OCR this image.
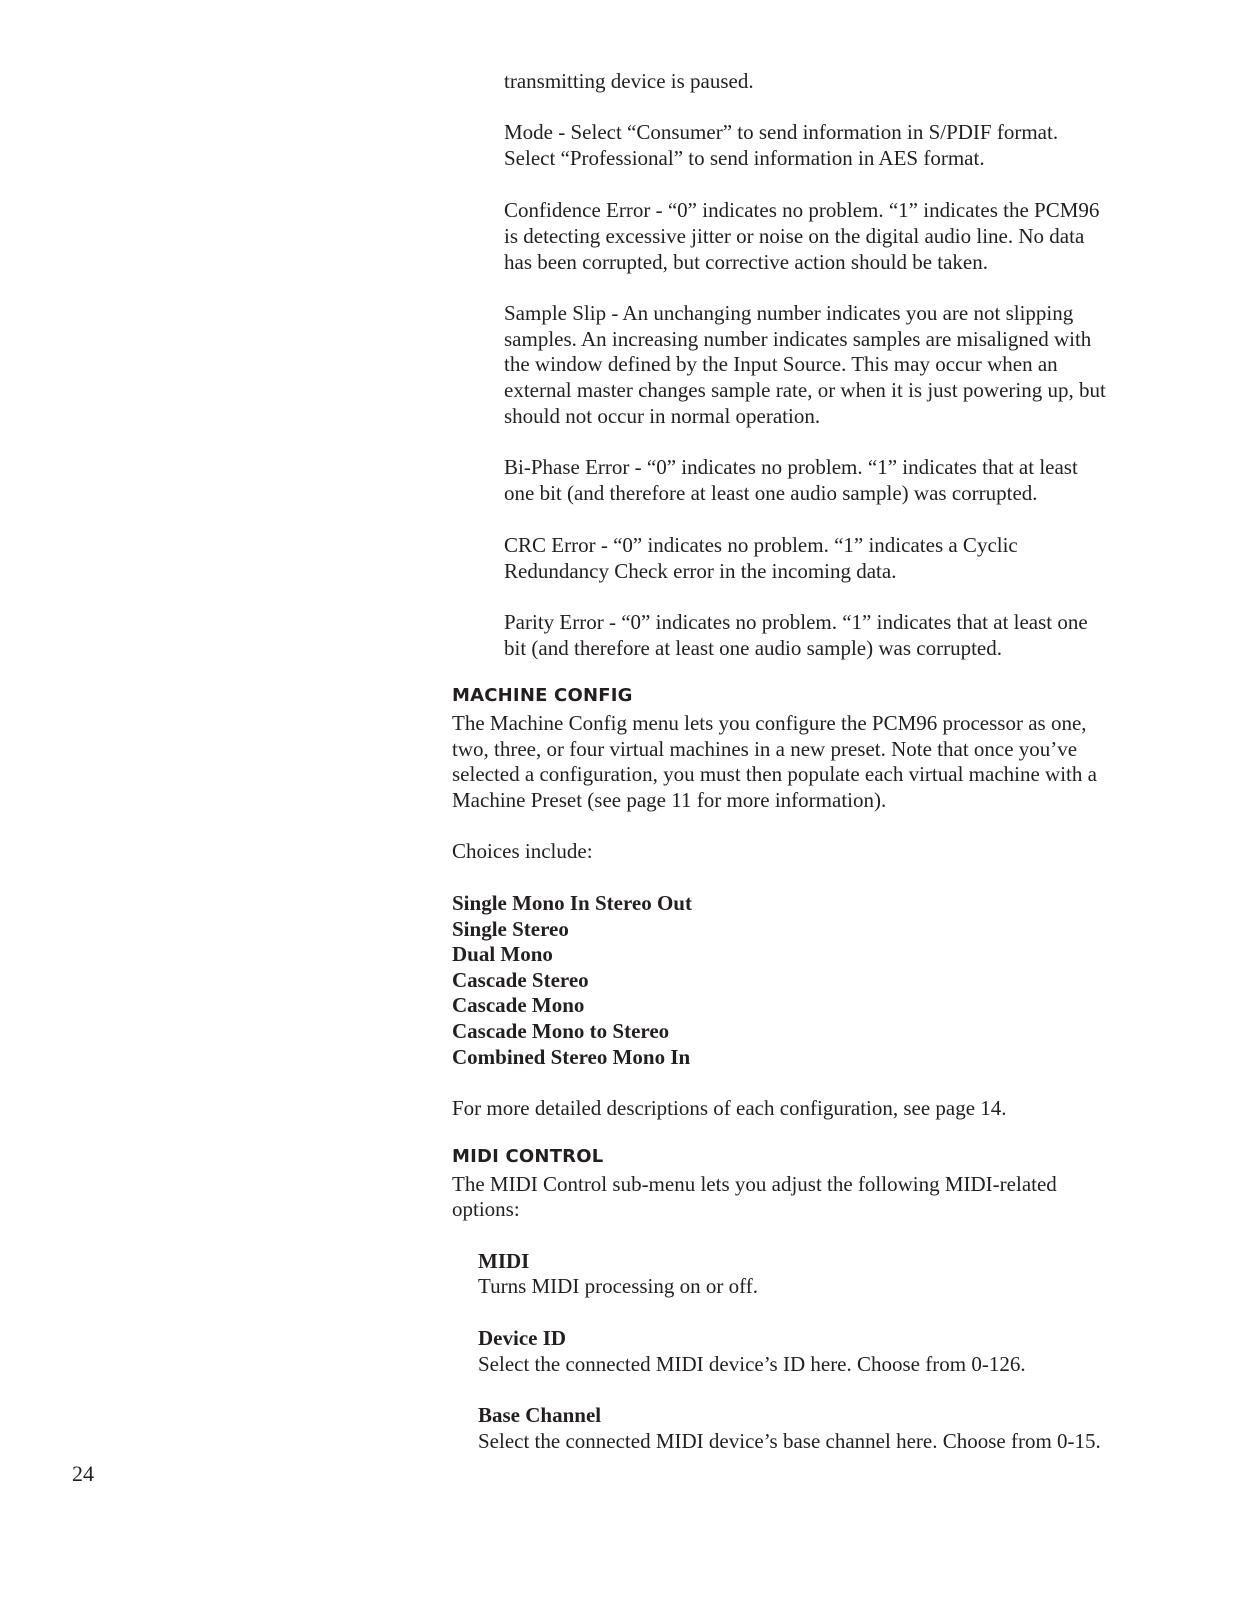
transmitting device is paused.

Mode - Select “Consumer” to send information in S/PDIF format.

Select “Professional” to send information in AES format.

Confidence Error - “0” indicates no problem. “1” indicates the PCM96

is detecting excessive jitter or noise on the digital audio line. No data

has been corrupted, but corrective action should be taken.

Sample Slip - An unchanging number indicates you are not slipping

samples. An increasing number indicates samples are misaligned with

the window defined by the Input Source. This may occur when an

external master changes sample rate, or when it is just powering up, but

should not occur in normal operation.

Bi-Phase Error - “0” indicates no problem. “1” indicates that at least

one bit (and therefore at least one audio sample) was corrupted.

CRC Error - “0” indicates no problem. “1” indicates a Cyclic

Redundancy Check error in the incoming data.

Parity Error - “0” indicates no problem. “1” indicates that at least one

bit (and therefore at least one audio sample) was corrupted.

MACHINE CONFIG

The Machine Config menu lets you configure the PCM96 processor as one,

two, three, or four virtual machines in a new preset. Note that once you’ve

selected a configuration, you must then populate each virtual machine with a

Machine Preset (see page 11 for more information).

Choices include:

Single Mono In Stereo Out

Single Stereo

Dual Mono

Cascade Stereo

Cascade Mono

Cascade Mono to Stereo

Combined Stereo Mono In

For more detailed descriptions of each configuration, see page 14.

MIDI CONTROL

The MIDI Control sub-menu lets you adjust the following MIDI-related

options:

MIDI

Turns MIDI processing on or off.

Device ID

Select the connected MIDI device’s ID here. Choose from 0-126.

Base Channel

Select the connected MIDI device’s base channel here. Choose from 0-15.

24
